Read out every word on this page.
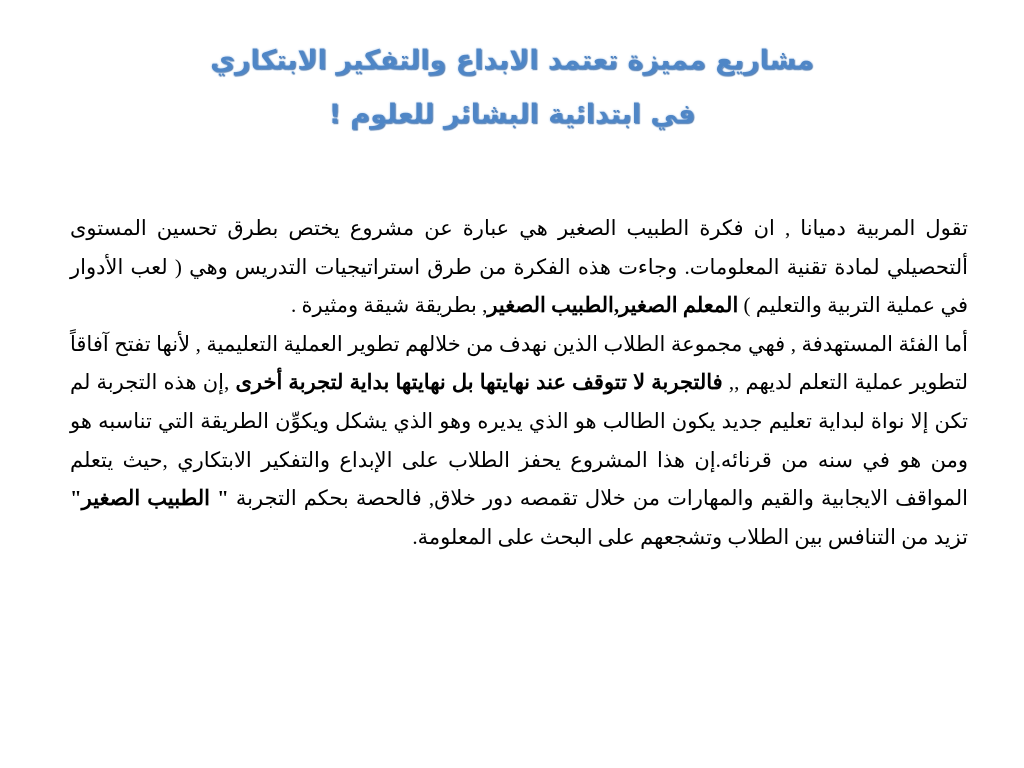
مشاريع مميزة تعتمد الابداع والتفكير الابتكاري
في ابتدائية البشائر للعلوم !

تقول المربية دميانا , ان فكرة الطبيب الصغير هي عبارة عن مشروع يختص بطرق تحسين المستوى ألتحصيلي لمادة تقنية المعلومات. وجاءت هذه الفكرة من طرق استراتيجيات التدريس وهي ( لعب الأدوار في عملية التربية والتعليم ) المعلم الصغير,الطبيب الصغير, بطريقة شيقة ومثيرة .

أما الفئة المستهدفة , فهي مجموعة الطلاب الذين نهدف من خلالهم تطوير العملية التعليمية , لأنها تفتح آفاقاً لتطوير عملية التعلم لديهم ,, فالتجربة لا تتوقف عند نهايتها بل نهايتها بداية لتجربة أخرى ,إن هذه التجربة لم تكن إلا نواة لبداية تعليم جديد يكون الطالب هو الذي يديره وهو الذي يشكل ويكوِّن الطريقة التي تناسبه هو ومن هو في سنه من قرنائه.إن هذا المشروع يحفز الطلاب على الإبداع والتفكير الابتكاري ,حيث يتعلم المواقف الايجابية والقيم والمهارات من خلال تقمصه دور خلاق, فالحصة بحكم التجربة " الطبيب الصغير" تزيد من التنافس بين الطلاب وتشجعهم على البحث على المعلومة.
